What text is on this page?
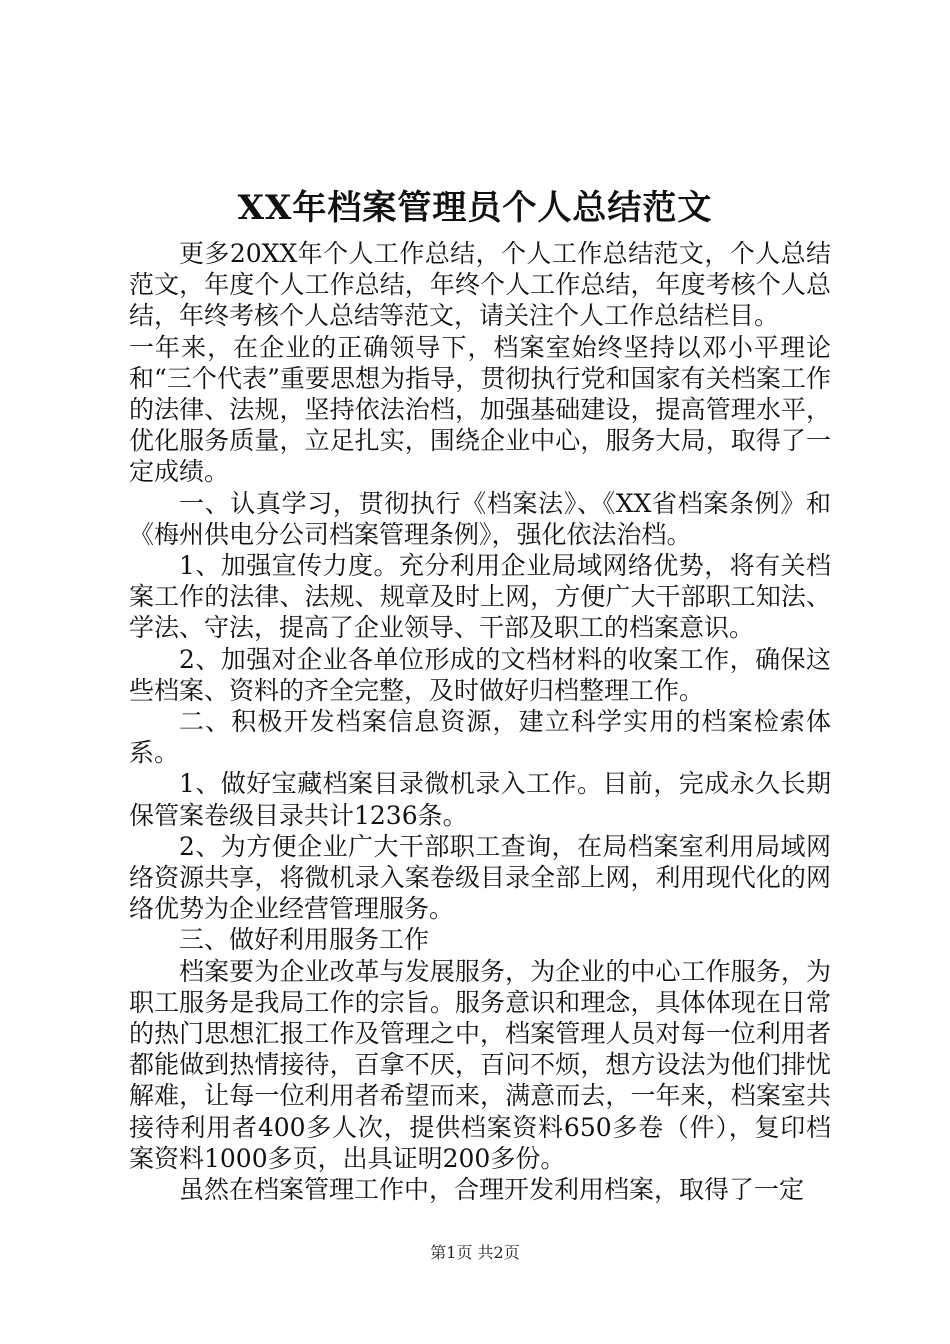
XX年档案管理员个人总结范文

更多20XX年个人工作总结，个人工作总结范文，个人总结范文，年度个人工作总结，年终个人工作总结，年度考核个人总结，年终考核个人总结等范文，请关注个人工作总结栏目。

一年来，在企业的正确领导下，档案室始终坚持以邓小平理论和“三个代表”重要思想为指导，贯彻执行党和国家有关档案工作的法律、法规，坚持依法治档，加强基础建设，提高管理水平，优化服务质量，立足扎实，围绕企业中心，服务大局，取得了一定成绩。

一、认真学习，贯彻执行《档案法》、《XX省档案条例》和《梅州供电分公司档案管理条例》，强化依法治档。

1、加强宣传力度。充分利用企业局域网络优势，将有关档案工作的法律、法规、规章及时上网，方便广大干部职工知法、学法、守法，提高了企业领导、干部及职工的档案意识。

2、加强对企业各单位形成的文档材料的收案工作，确保这些档案、资料的齐全完整，及时做好归档整理工作。

二、积极开发档案信息资源，建立科学实用的档案检索体系。

1、做好宝藏档案目录微机录入工作。目前，完成永久长期保管案卷级目录共计1236条。

2、为方便企业广大干部职工查询，在局档案室利用局域网络资源共享，将微机录入案卷级目录全部上网，利用现代化的网络优势为企业经营管理服务。

三、做好利用服务工作

档案要为企业改革与发展服务，为企业的中心工作服务，为职工服务是我局工作的宗旨。服务意识和理念，具体体现在日常的热门思想汇报工作及管理之中，档案管理人员对每一位利用者都能做到热情接待，百拿不厌，百问不烦，想方设法为他们排忧解难，让每一位利用者希望而来，满意而去，一年来，档案室共接待利用者400多人次，提供档案资料650多卷（件），复印档案资料1000多页，出具证明200多份。

虽然在档案管理工作中，合理开发利用档案，取得了一定

第1页 共2页
